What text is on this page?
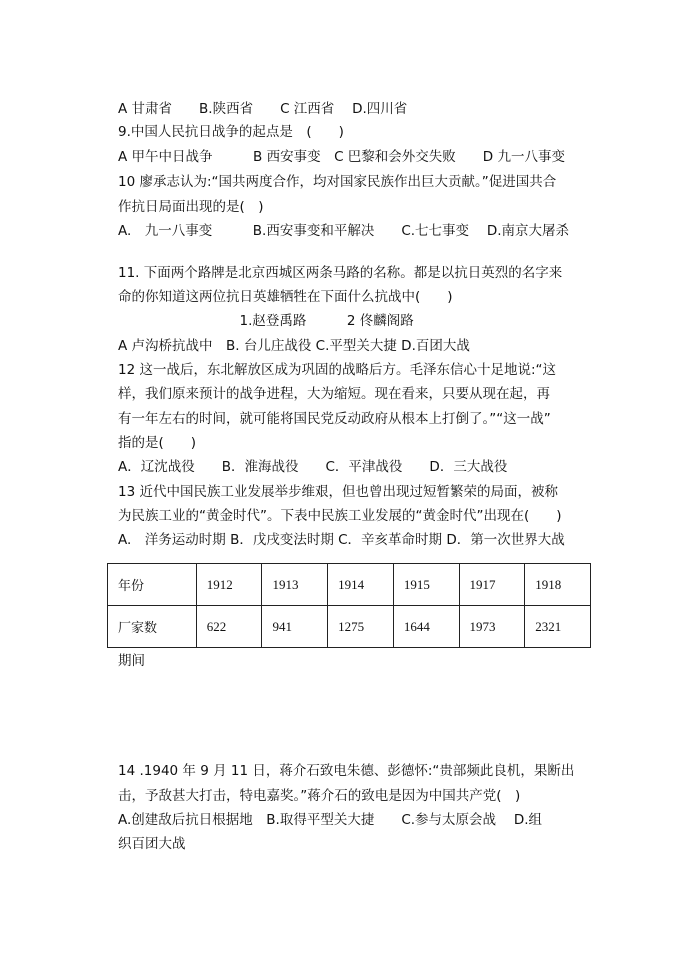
A 甘肃省　　B.陕西省　　C 江西省　 D.四川省
9.中国人民抗日战争的起点是　(　　)
A 甲午中日战争　　　B 西安事变　C 巴黎和会外交失败　　D 九一八事变
10 廖承志认为:“国共两度合作，均对国家民族作出巨大贡献。”促进国共合
作抗日局面出现的是(　)
A.　九一八事变　　　B.西安事变和平解决　　C.七七事变　 D.南京大屠杀
11. 下面两个路牌是北京西城区两条马路的名称。都是以抗日英烈的名字来
命的你知道这两位抗日英雄牺牲在下面什么抗战中(　　)
　　　　　　　　　1.赵登禹路　　　2 佟麟阁路
A 卢沟桥抗战中　B. 台儿庄战役 C.平型关大捷 D.百团大战
12 这一战后，东北解放区成为巩固的战略后方。毛泽东信心十足地说:“这
样，我们原来预计的战争进程，大为缩短。现在看来，只要从现在起，再
有一年左右的时间，就可能将国民党反动政府从根本上打倒了。”“这一战”
指的是(　　)
A．辽沈战役　　B．淮海战役　　C．平津战役　　D．三大战役
13 近代中国民族工业发展举步维艰，但也曾出现过短暂繁荣的局面，被称
为民族工业的“黄金时代”。下表中民族工业发展的“黄金时代”出现在(　　)
A.　洋务运动时期 B．戊戌变法时期 C．辛亥革命时期 D．第一次世界大战
年份	1912	1913	1914	1915	1917	1918
厂家数	622	941	1275	1644	1973	2321
期间
14 .1940 年 9 月 11 日，蒋介石致电朱德、彭德怀:“贵部频此良机，果断出
击，予敌甚大打击，特电嘉奖。”蒋介石的致电是因为中国共产党(　)
A.创建敌后抗日根据地　B.取得平型关大捷　　C.参与太原会战　 D.组
织百团大战
